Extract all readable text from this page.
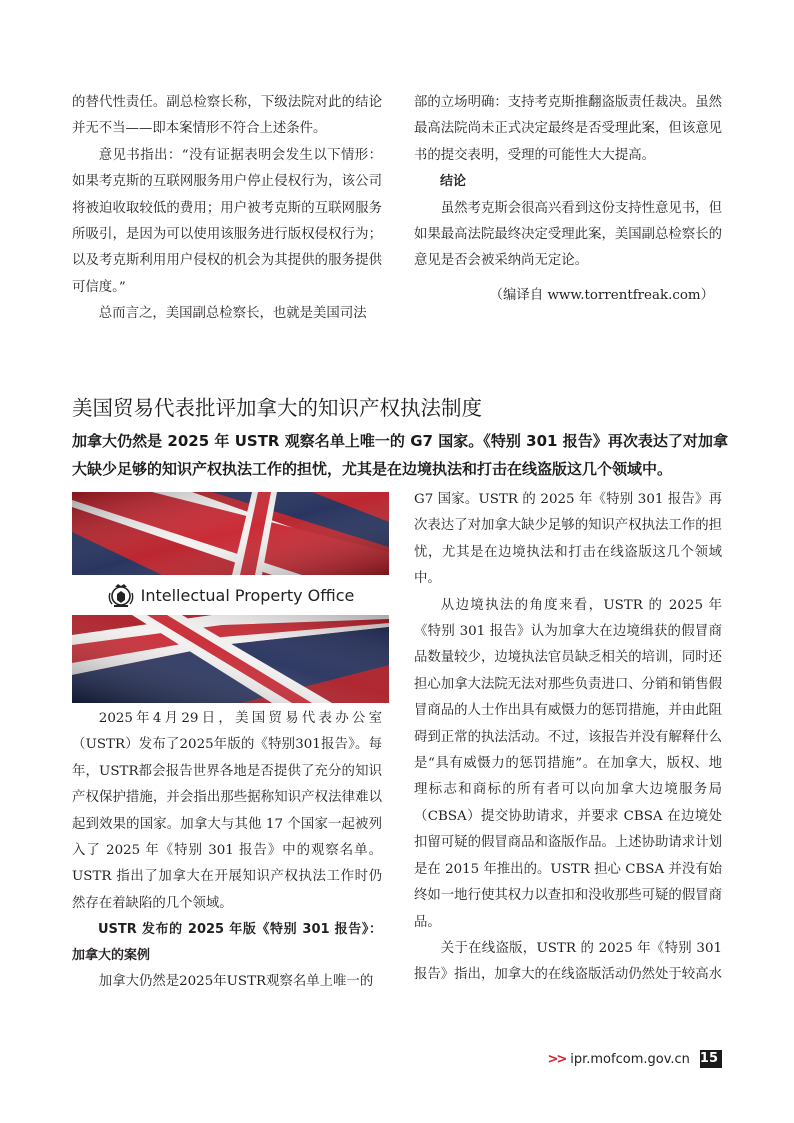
的替代性责任。副总检察长称，下级法院对此的结论并无不当——即本案情形不符合上述条件。

意见书指出：“没有证据表明会发生以下情形：如果考克斯的互联网服务用户停止侵权行为，该公司将被迫收取较低的费用；用户被考克斯的互联网服务所吸引，是因为可以使用该服务进行版权侵权行为；以及考克斯利用用户侵权的机会为其提供的服务提供可信度。”

总而言之，美国副总检察长，也就是美国司法

部的立场明确：支持考克斯推翻盗版责任裁决。虽然最高法院尚未正式决定最终是否受理此案，但该意见书的提交表明，受理的可能性大大提高。

结论

虽然考克斯会很高兴看到这份支持性意见书，但如果最高法院最终决定受理此案，美国副总检察长的意见是否会被采纳尚无定论。

（编译自 www.torrentfreak.com）

美国贸易代表批评加拿大的知识产权执法制度

加拿大仍然是 2025 年 USTR 观察名单上唯一的 G7 国家。《特别 301 报告》再次表达了对加拿大缺少足够的知识产权执法工作的担忧，尤其是在边境执法和打击在线盗版这几个领域中。

Intellectual Property Office

2025年4月29日，美国贸易代表办公室（USTR）发布了2025年版的《特别301报告》。每年，USTR都会报告世界各地是否提供了充分的知识产权保护措施，并会指出那些据称知识产权法律难以起到效果的国家。加拿大与其他 17 个国家一起被列入了 2025 年《特别 301 报告》中的观察名单。USTR 指出了加拿大在开展知识产权执法工作时仍然存在着缺陷的几个领域。

USTR 发布的 2025 年版《特别 301 报告》：加拿大的案例

加拿大仍然是2025年USTR观察名单上唯一的

G7 国家。USTR 的 2025 年《特别 301 报告》再次表达了对加拿大缺少足够的知识产权执法工作的担忧，尤其是在边境执法和打击在线盗版这几个领域中。

从边境执法的角度来看，USTR 的 2025 年《特别 301 报告》认为加拿大在边境缉获的假冒商品数量较少，边境执法官员缺乏相关的培训，同时还担心加拿大法院无法对那些负责进口、分销和销售假冒商品的人士作出具有威慑力的惩罚措施，并由此阻碍到正常的执法活动。不过，该报告并没有解释什么是“具有威慑力的惩罚措施”。在加拿大，版权、地理标志和商标的所有者可以向加拿大边境服务局（CBSA）提交协助请求，并要求 CBSA 在边境处扣留可疑的假冒商品和盗版作品。上述协助请求计划是在 2015 年推出的。USTR 担心 CBSA 并没有始终如一地行使其权力以查扣和没收那些可疑的假冒商品。

关于在线盗版，USTR 的 2025 年《特别 301 报告》指出，加拿大的在线盗版活动仍然处于较高水

>> ipr.mofcom.gov.cn 15
